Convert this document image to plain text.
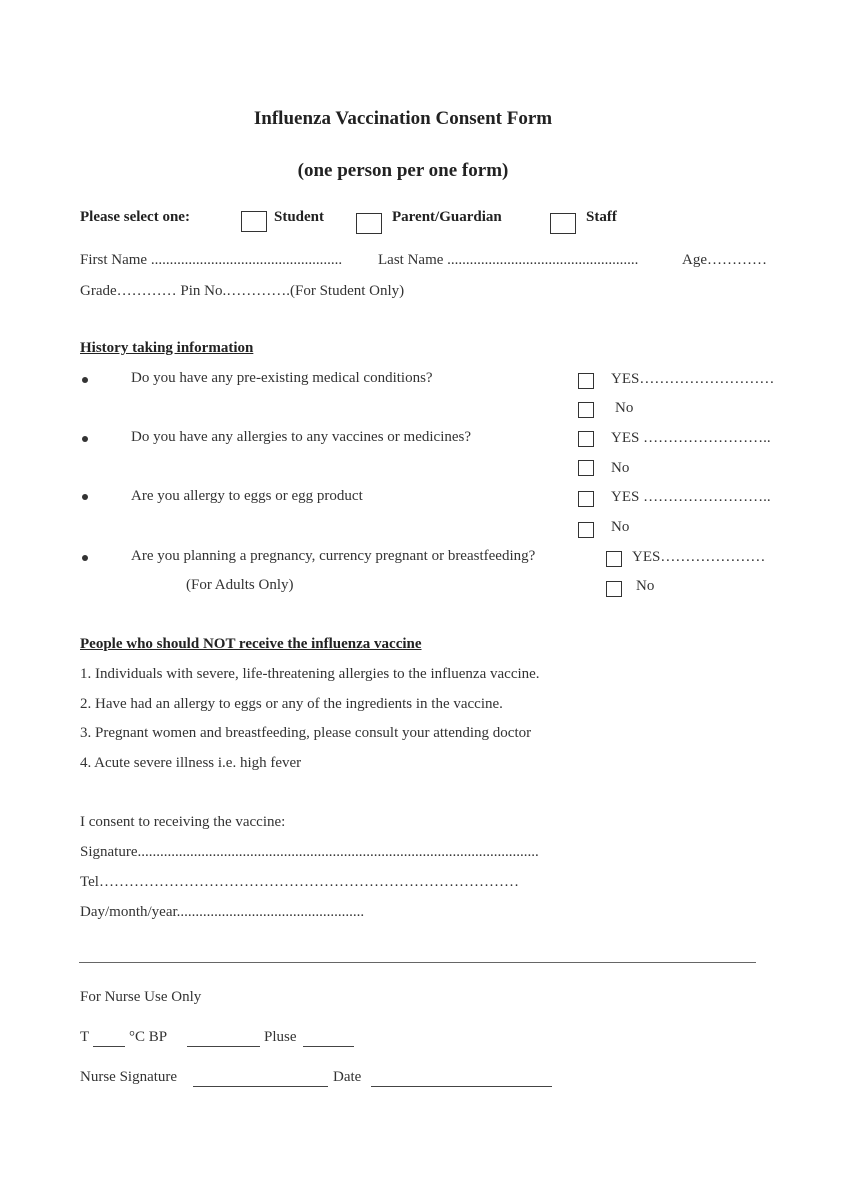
Influenza Vaccination Consent Form
(one person per one form)
Please select one:	Student	Parent/Guardian	Staff
First Name ................................................... Last Name ...................................................	Age…………
Grade………… Pin No.………….(For Student Only)
History taking information
Do you have any pre-existing medical conditions?	YES………………………
No
Do you have any allergies to any vaccines or medicines?	YES ……………………..
No
Are you allergy to eggs or egg product	YES ……………………..
No
Are you planning a pregnancy, currency pregnant or breastfeeding?	YES…………………
(For Adults Only)	No
People who should NOT receive the influenza vaccine
1. Individuals with severe, life-threatening allergies to the influenza vaccine.
2. Have had an allergy to eggs or any of the ingredients in the vaccine.
3. Pregnant women and breastfeeding, please consult your attending doctor
4. Acute severe illness i.e. high fever
I consent to receiving the vaccine:
Signature...........................................................................................................
Tel…………………………………………………………………………
Day/month/year..................................................
For Nurse Use Only
T	°C BP	Pluse
Nurse Signature	Date
